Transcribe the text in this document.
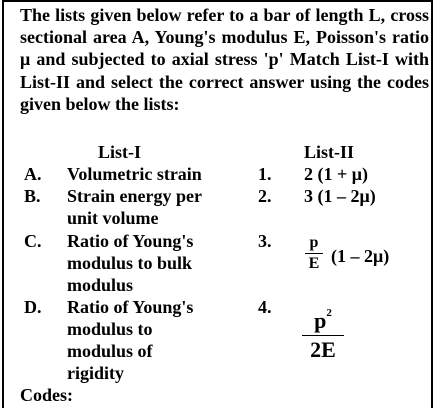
The lists given below refer to a bar of length L, cross sectional area A, Young's modulus E, Poisson's ratio μ and subjected to axial stress 'p' Match List-I with List-II and select the correct answer using the codes given below the lists:
List-I	List-II
A. Volumetric strain
B. Strain energy per
unit volume
C. Ratio of Young's
modulus to bulk
modulus
D. Ratio of Young's
modulus to
modulus of
rigidity
1. 2 (1 + μ)
2. 3 (1 – 2μ)
3. p
E (1 – 2μ)
4.
$p^2$
2E
Codes:
